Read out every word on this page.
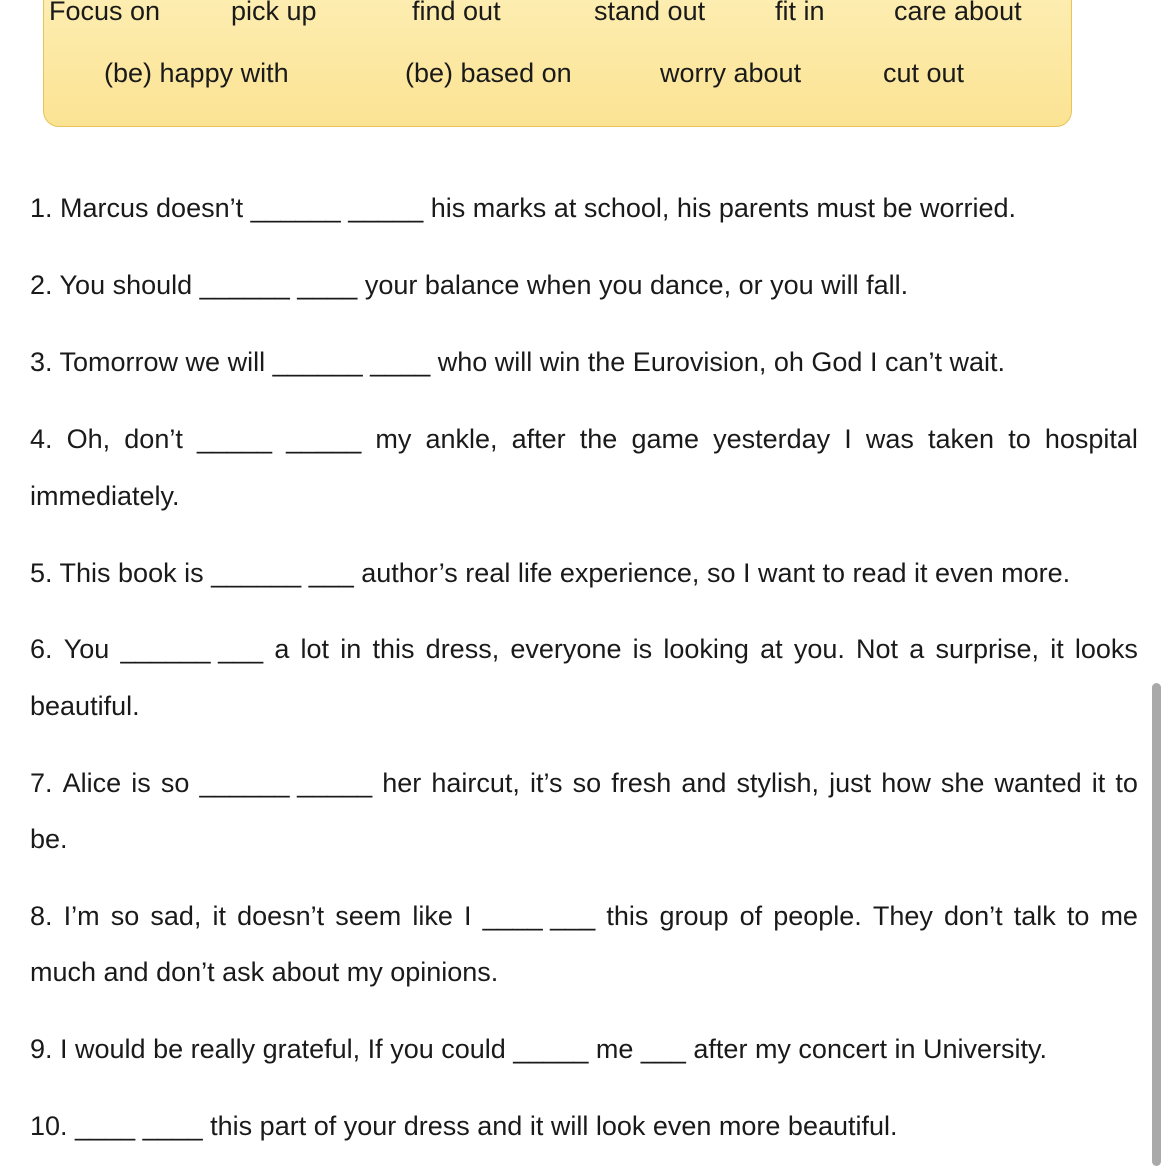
Focus on	pick up	find out	stand out	fit in	care about
(be) happy with	(be) based on	worry about	cut out
1. Marcus doesn’t ______ _____ his marks at school, his parents must be worried.
2. You should ______ ____ your balance when you dance, or you will fall.
3. Tomorrow we will ______ ____ who will win the Eurovision, oh God I can’t wait.
4. Oh, don’t _____ _____ my ankle, after the game yesterday I was taken to hospital
immediately.
5. This book is ______ ___ author’s real life experience, so I want to read it even more.
6. You ______ ___ a lot in this dress, everyone is looking at you. Not a surprise, it looks
beautiful.
7. Alice is so ______ _____ her haircut, it’s so fresh and stylish, just how she wanted it to
be.
8. I’m so sad, it doesn’t seem like I ____ ___ this group of people. They don’t talk to me
much and don’t ask about my opinions.
9. I would be really grateful, If you could _____ me ___ after my concert in University.
10. ____ ____ this part of your dress and it will look even more beautiful.
